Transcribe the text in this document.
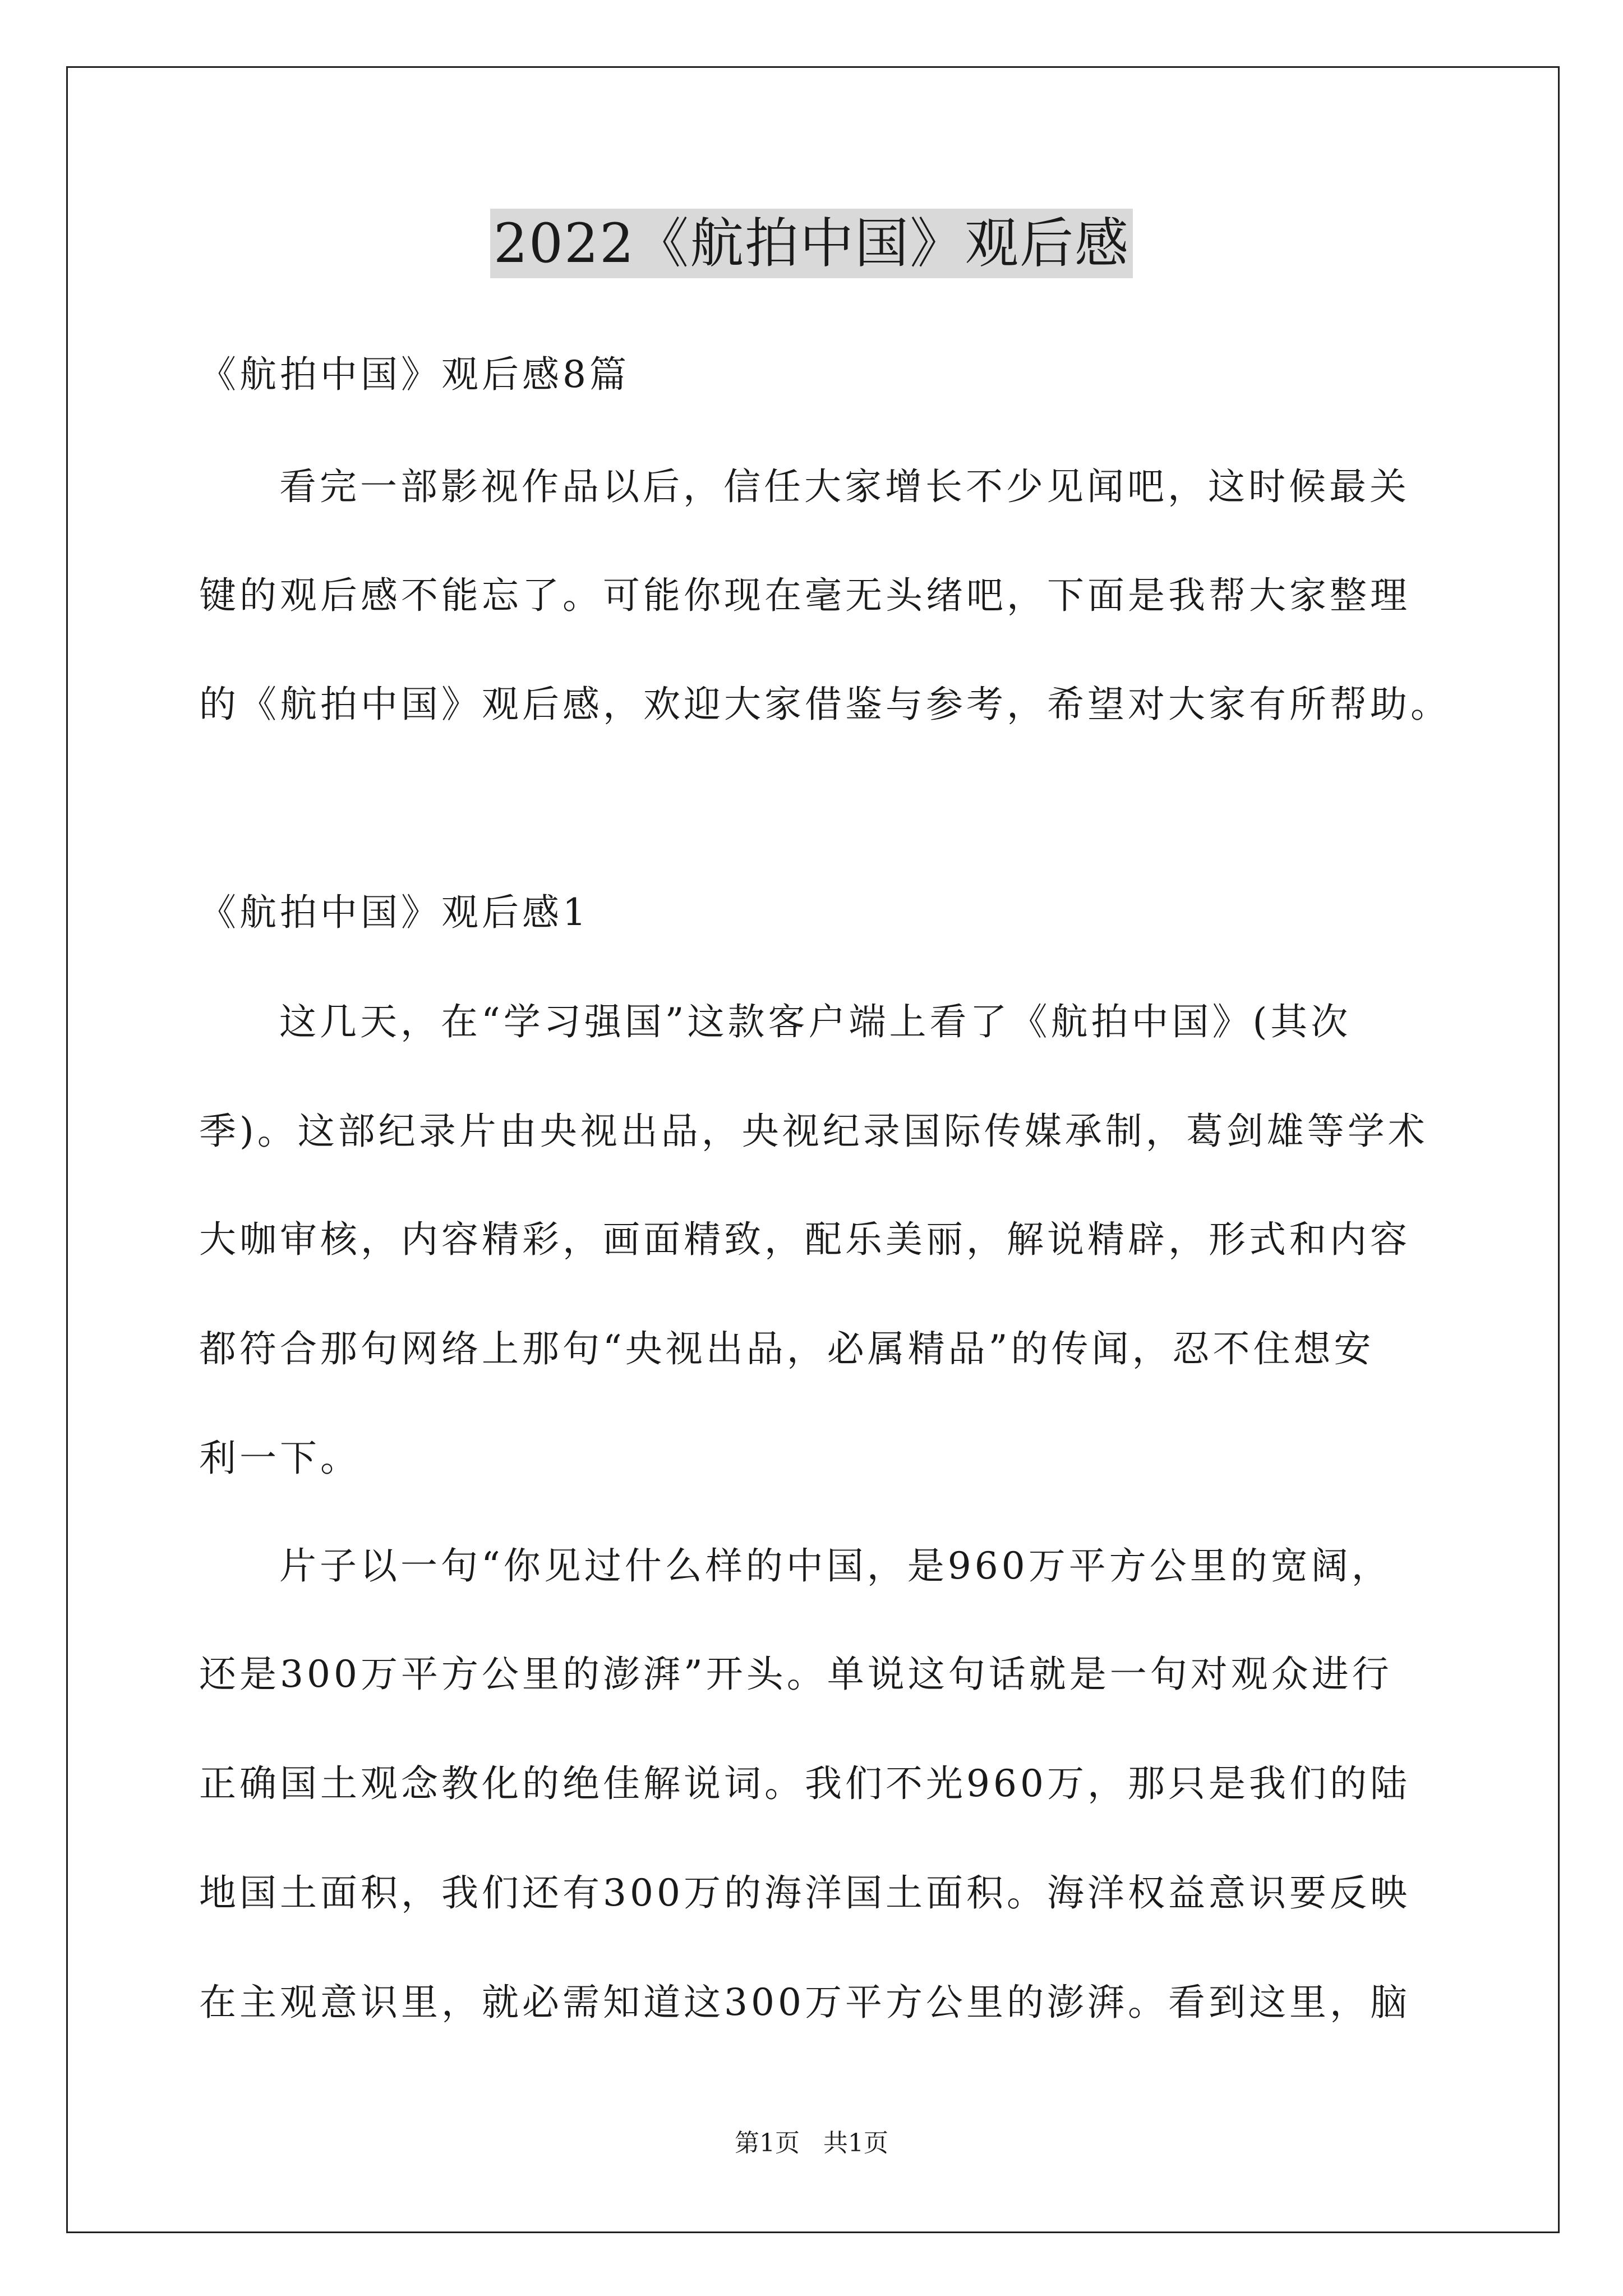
2022《航拍中国》观后感
《航拍中国》观后感8篇
看完一部影视作品以后，信任大家增长不少见闻吧，这时候最关
键的观后感不能忘了。可能你现在毫无头绪吧，下面是我帮大家整理
的《航拍中国》观后感，欢迎大家借鉴与参考，希望对大家有所帮助。
《航拍中国》观后感1
这几天，在“学习强国”这款客户端上看了《航拍中国》(其次
季)。这部纪录片由央视出品，央视纪录国际传媒承制，葛剑雄等学术
大咖审核，内容精彩，画面精致，配乐美丽，解说精辟，形式和内容
都符合那句网络上那句“央视出品，必属精品”的传闻，忍不住想安
利一下。
片子以一句“你见过什么样的中国，是960万平方公里的宽阔，
还是300万平方公里的澎湃”开头。单说这句话就是一句对观众进行
正确国土观念教化的绝佳解说词。我们不光960万，那只是我们的陆
地国土面积，我们还有300万的海洋国土面积。海洋权益意识要反映
在主观意识里，就必需知道这300万平方公里的澎湃。看到这里，脑
第1页 共1页
